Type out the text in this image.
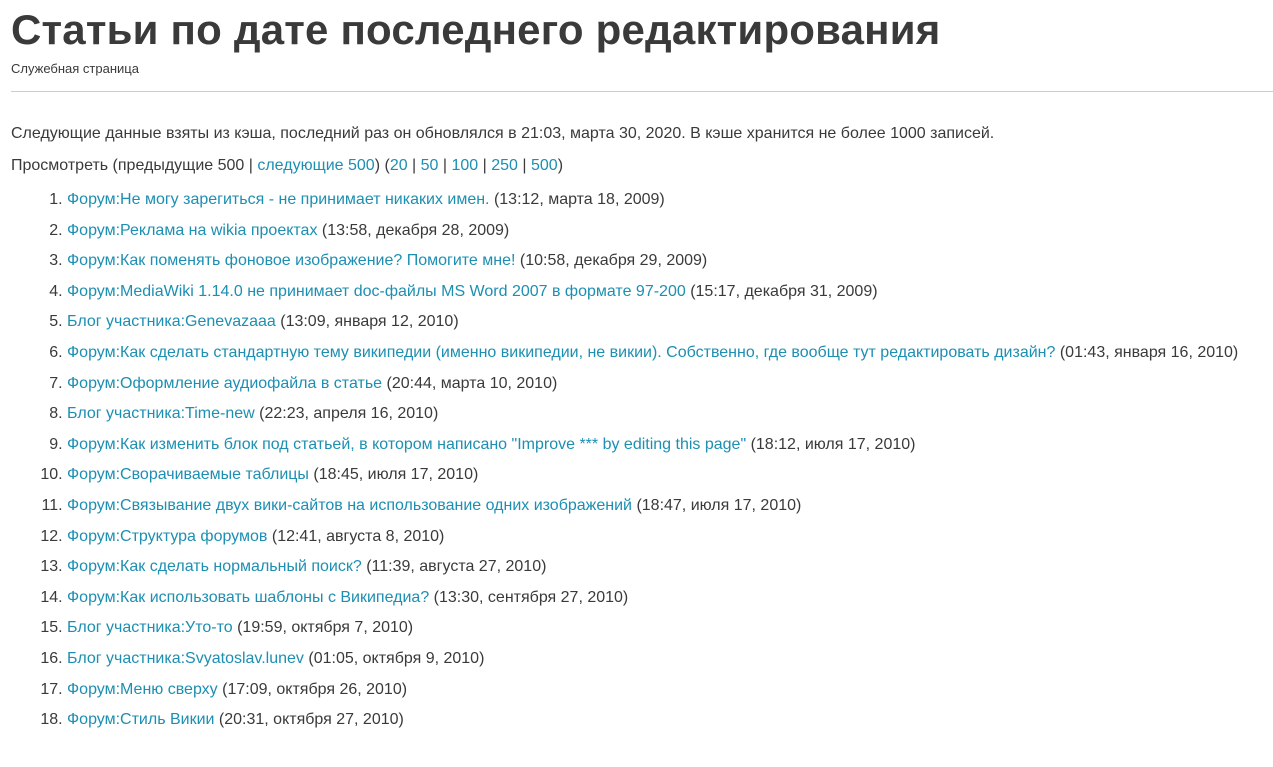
Статьи по дате последнего редактирования
Служебная страница

Следующие данные взяты из кэша, последний раз он обновлялся в 21:03, марта 30, 2020. В кэше хранится не более 1000 записей.

Просмотреть (предыдущие 500 | следующие 500) (20 | 50 | 100 | 250 | 500)

1. Форум:Не могу зарегиться - не принимает никаких имен. (13:12, марта 18, 2009)
2. Форум:Реклама на wikia проектах (13:58, декабря 28, 2009)
3. Форум:Как поменять фоновое изображение? Помогите мне! (10:58, декабря 29, 2009)
4. Форум:MediaWiki 1.14.0 не принимает doc-файлы MS Word 2007 в формате 97-200 (15:17, декабря 31, 2009)
5. Блог участника:Genevazaaa (13:09, января 12, 2010)
6. Форум:Как сделать стандартную тему википедии (именно википедии, не викии). Собственно, где вообще тут редактировать дизайн? (01:43, января 16, 2010)
7. Форум:Оформление аудиофайла в статье (20:44, марта 10, 2010)
8. Блог участника:Time-new (22:23, апреля 16, 2010)
9. Форум:Как изменить блок под статьей, в котором написано "Improve *** by editing this page" (18:12, июля 17, 2010)
10. Форум:Сворачиваемые таблицы (18:45, июля 17, 2010)
11. Форум:Связывание двух вики-сайтов на использование одних изображений (18:47, июля 17, 2010)
12. Форум:Структура форумов (12:41, августа 8, 2010)
13. Форум:Как сделать нормальный поиск? (11:39, августа 27, 2010)
14. Форум:Как использовать шаблоны с Википедиа? (13:30, сентября 27, 2010)
15. Блог участника:Уто-то (19:59, октября 7, 2010)
16. Блог участника:Svyatoslav.lunev (01:05, октября 9, 2010)
17. Форум:Меню сверху (17:09, октября 26, 2010)
18. Форум:Стиль Викии (20:31, октября 27, 2010)
